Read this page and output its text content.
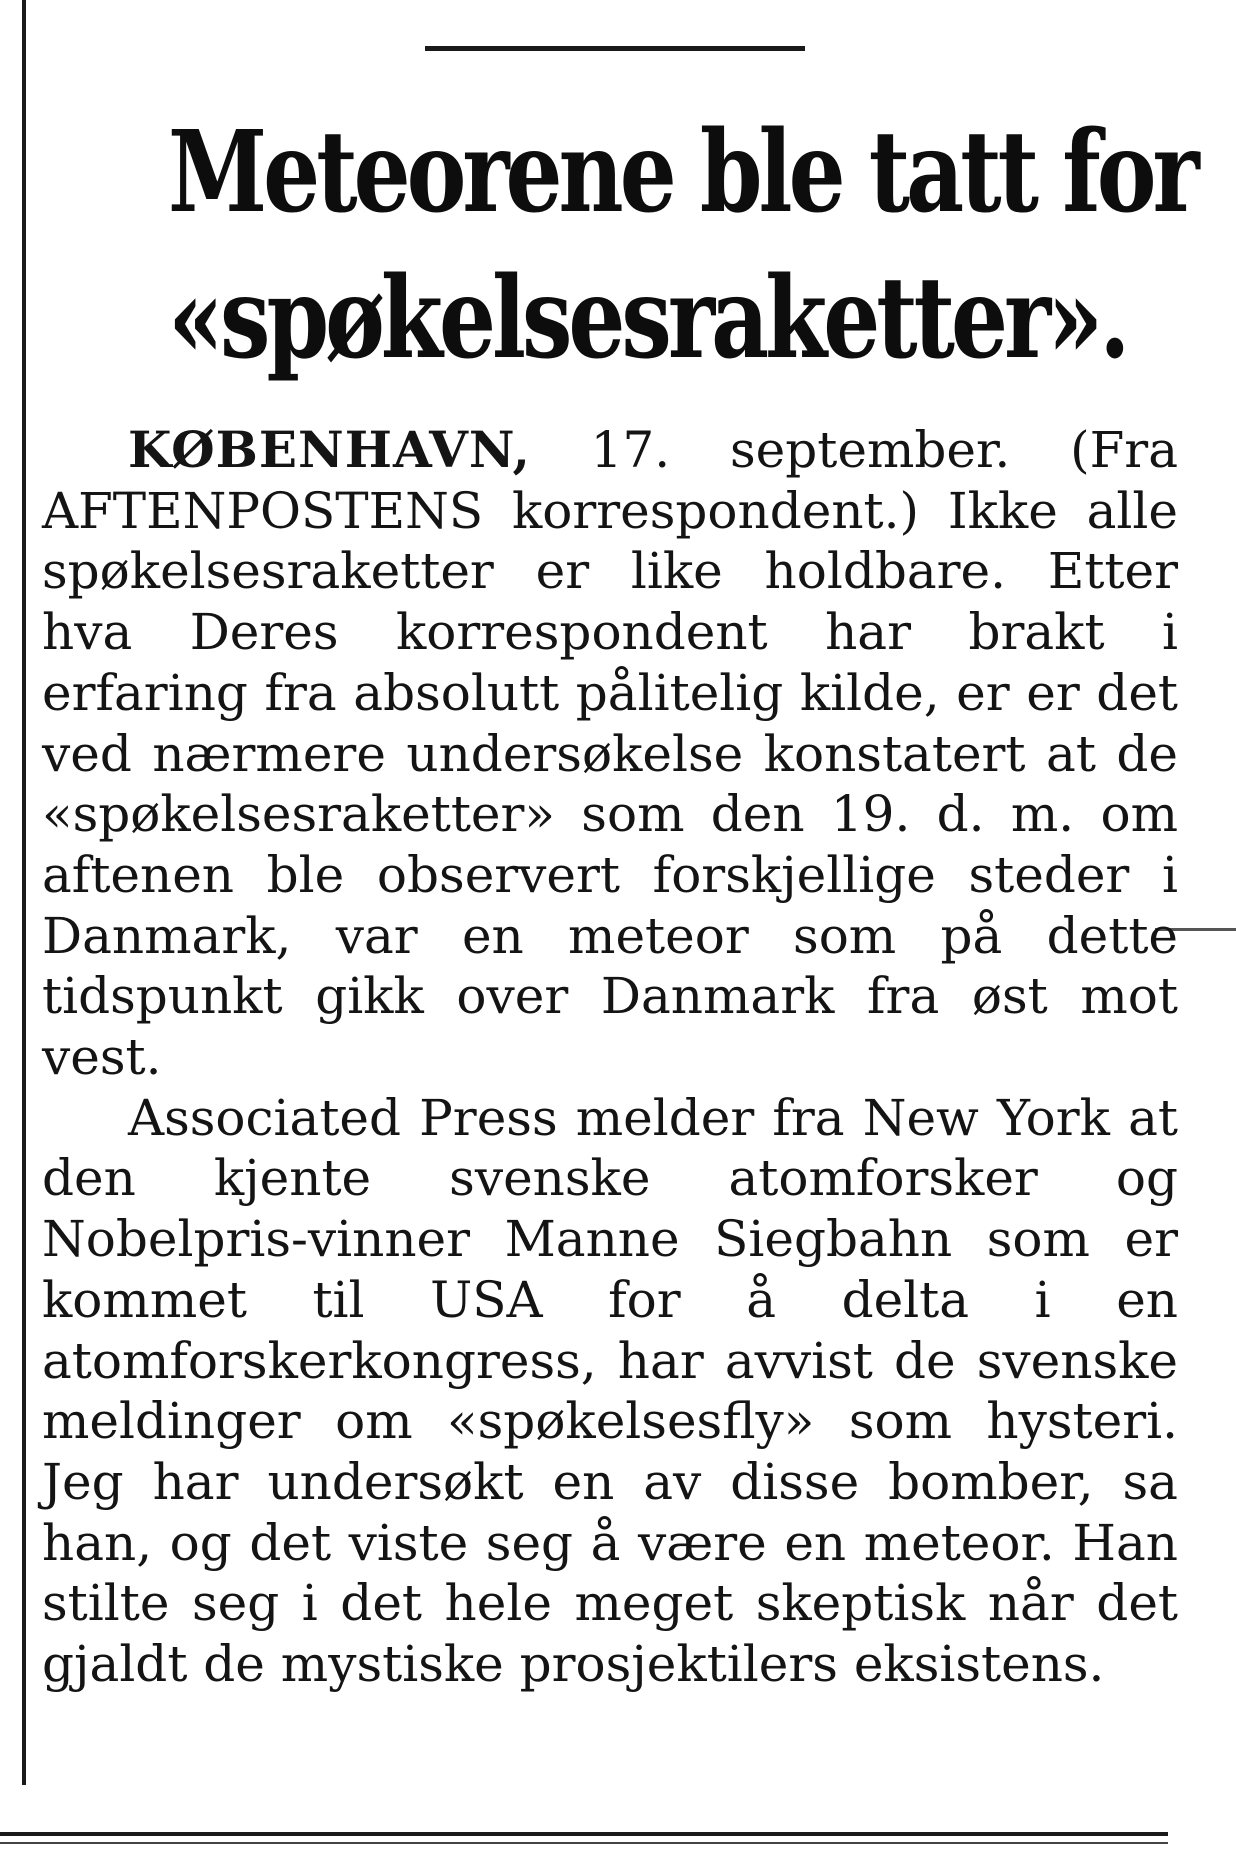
Meteorene ble tatt for
«spøkelsesraketter».

KØBENHAVN, 17. september. (Fra AFTENPOSTENS korrespondent.) Ikke alle spøkelsesraketter er like holdbare. Etter hva Deres korrespondent har brakt i erfaring fra absolutt pålitelig kilde, er er det ved nærmere undersøkelse konstatert at de «spøkelsesraketter» som den 19. d. m. om aftenen ble observert forskjellige steder i Danmark, var en meteor som på dette tidspunkt gikk over Danmark fra øst mot vest.

Associated Press melder fra New York at den kjente svenske atomforsker og Nobelpris-vinner Manne Siegbahn som er kommet til USA for å delta i en atomforskerkongress, har avvist de svenske meldinger om «spøkelsesfly» som hysteri. Jeg har undersøkt en av disse bomber, sa han, og det viste seg å være en meteor. Han stilte seg i det hele meget skeptisk når det gjaldt de mystiske prosjektilers eksistens.
